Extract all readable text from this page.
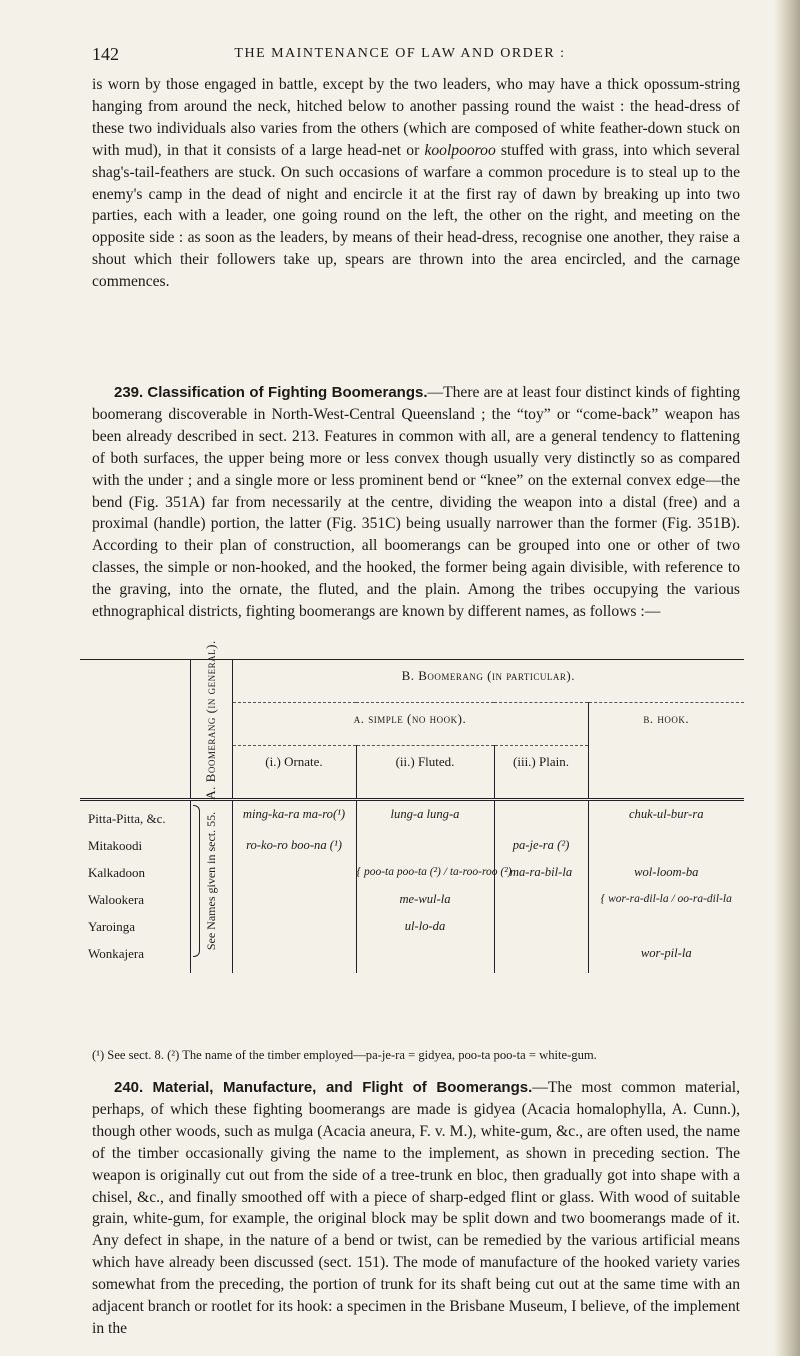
142	THE MAINTENANCE OF LAW AND ORDER :
is worn by those engaged in battle, except by the two leaders, who may have a thick opossum-string hanging from around the neck, hitched below to another passing round the waist : the head-dress of these two individuals also varies from the others (which are composed of white feather-down stuck on with mud), in that it consists of a large head-net or koolpooroo stuffed with grass, into which several shag's-tail-feathers are stuck. On such occasions of warfare a common procedure is to steal up to the enemy's camp in the dead of night and encircle it at the first ray of dawn by breaking up into two parties, each with a leader, one going round on the left, the other on the right, and meeting on the opposite side : as soon as the leaders, by means of their head-dress, recognise one another, they raise a shout which their followers take up, spears are thrown into the area encircled, and the carnage commences.
239. Classification of Fighting Boomerangs.—There are at least four distinct kinds of fighting boomerang discoverable in North-West-Central Queensland ; the “toy” or “come-back” weapon has been already described in sect. 213. Features in common with all, are a general tendency to flattening of both surfaces, the upper being more or less convex though usually very distinctly so as compared with the under ; and a single more or less prominent bend or “knee” on the external convex edge—the bend (Fig. 351A) far from necessarily at the centre, dividing the weapon into a distal (free) and a proximal (handle) portion, the latter (Fig. 351C) being usually narrower than the former (Fig. 351B). According to their plan of construction, all boomerangs can be grouped into one or other of two classes, the simple or non-hooked, and the hooked, the former being again divisible, with reference to the graving, into the ornate, the fluted, and the plain. Among the tribes occupying the various ethnographical districts, fighting boomerangs are known by different names, as follows :—

	A. Boomerang (in general).	B. Boomerang (in particular).			
		a. simple (no hook).			b. hook.
		(i.) Ornate.	(ii.) Fluted.	(iii.) Plain.	
Pitta-Pitta, &c.	See Names given in sect. 55.	ming-ka-ra ma-ro(¹)	lung-a lung-a		chuk-ul-bur-ra
Mitakoodi		ro-ko-ro boo-na (¹)		pa-je-ra (²)	
Kalkadoon			{ poo-ta poo-ta (²) / ta-roo-roo (²)	ma-ra-bil-la	wol-loom-ba
Walookera			me-wul-la		{ wor-ra-dil-la / oo-ra-dil-la
Yaroinga			ul-lo-da		
Wonkajera					wor-pil-la
(¹) See sect. 8. (²) The name of the timber employed—pa-je-ra = gidyea, poo-ta poo-ta = white-gum.
240. Material, Manufacture, and Flight of Boomerangs.—The most common material, perhaps, of which these fighting boomerangs are made is gidyea (Acacia homalophylla, A. Cunn.), though other woods, such as mulga (Acacia aneura, F. v. M.), white-gum, &c., are often used, the name of the timber occasionally giving the name to the implement, as shown in preceding section. The weapon is originally cut out from the side of a tree-trunk en bloc, then gradually got into shape with a chisel, &c., and finally smoothed off with a piece of sharp-edged flint or glass. With wood of suitable grain, white-gum, for example, the original block may be split down and two boomerangs made of it. Any defect in shape, in the nature of a bend or twist, can be remedied by the various artificial means which have already been discussed (sect. 151). The mode of manufacture of the hooked variety varies somewhat from the preceding, the portion of trunk for its shaft being cut out at the same time with an adjacent branch or rootlet for its hook: a specimen in the Brisbane Museum, I believe, of the implement in the
